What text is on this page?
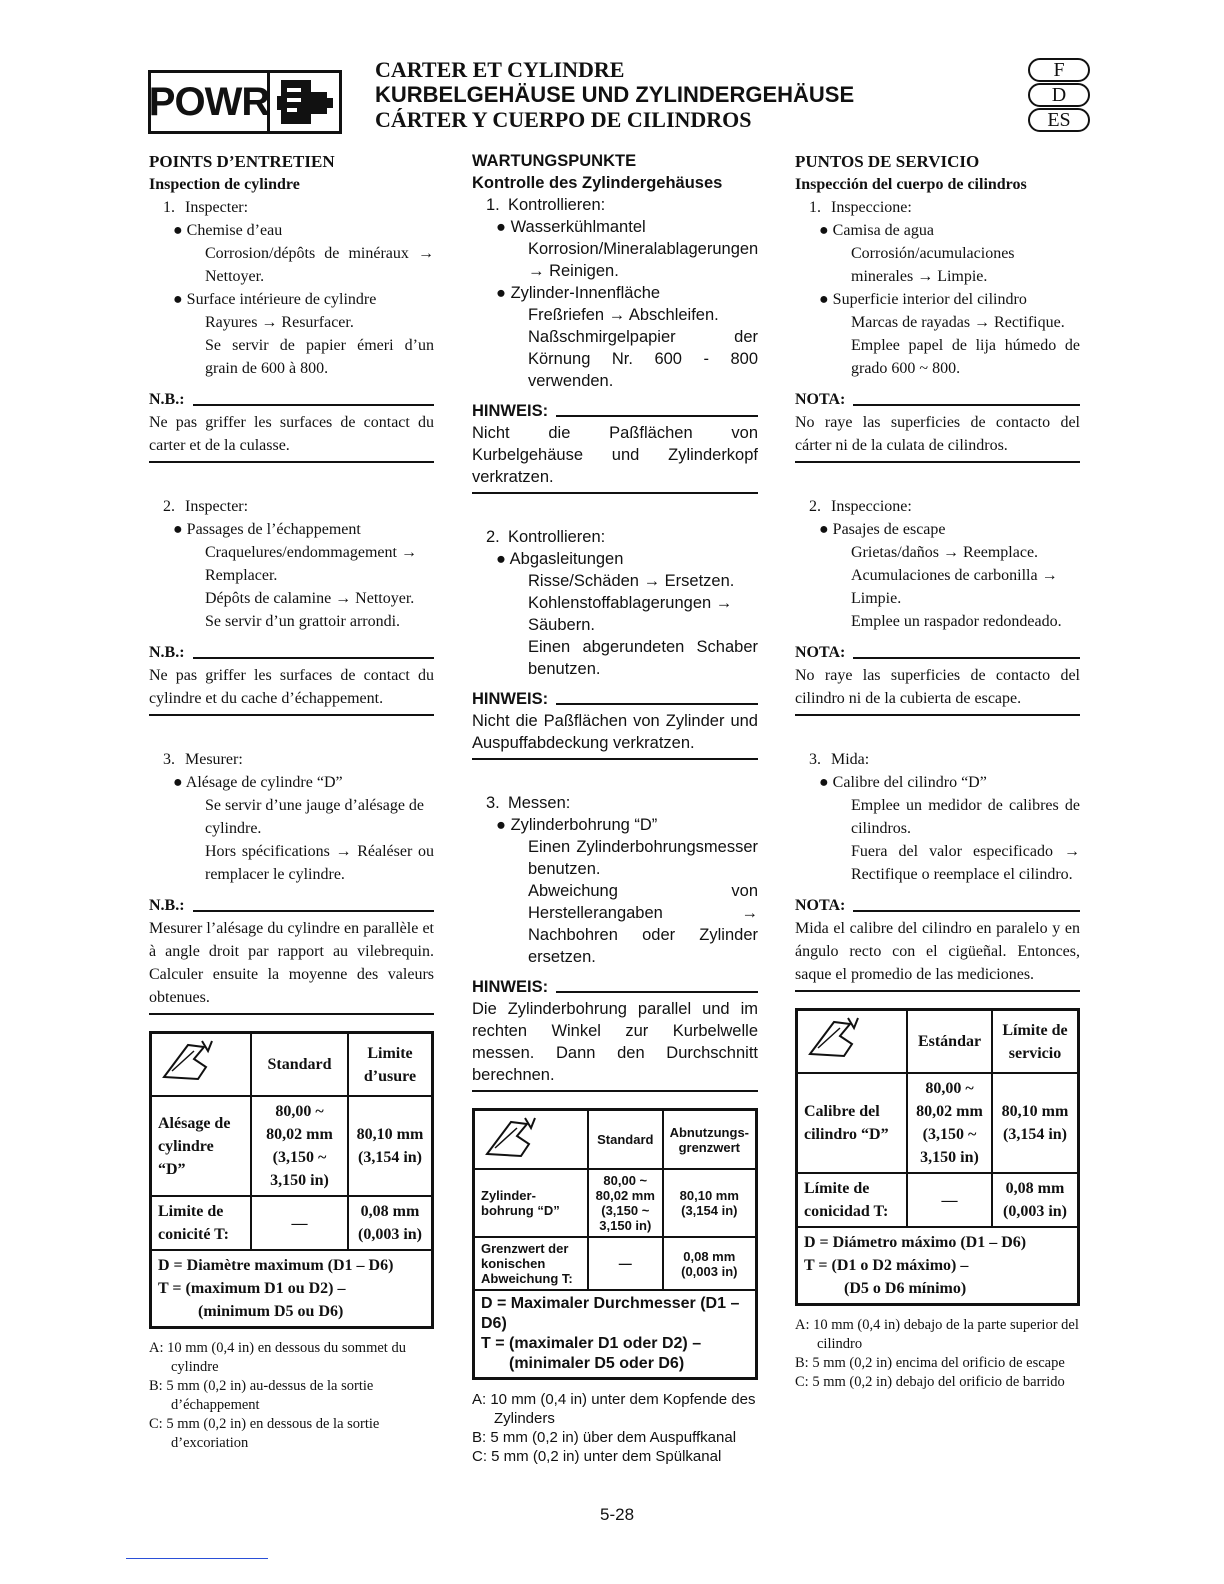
POWR
CARTER ET CYLINDRE
KURBELGEHÄUSE UND ZYLINDERGEHÄUSE
CÁRTER Y CUERPO DE CILINDROS
F
D
ES

POINTS D’ENTRETIEN

Inspection de cylindre

1. Inspecter:

● Chemise d’eau

Corrosion/dépôts de minéraux → Nettoyer.

● Surface intérieure de cylindre

Rayures → Resurfacer.

Se servir de papier émeri d’un grain de 600 à 800.

N.B.:

Ne pas griffer les surfaces de contact du carter et de la culasse.

2. Inspecter:

● Passages de l’échappement

Craquelures/endommagement → Remplacer.

Dépôts de calamine → Nettoyer.

Se servir d’un grattoir arrondi.

N.B.:

Ne pas griffer les surfaces de contact du cylindre et du cache d’échappement.

3. Mesurer:

● Alésage de cylindre “D”

Se servir d’une jauge d’alésage de cylindre.

Hors spécifications → Réaléser ou remplacer le cylindre.

N.B.:

Mesurer l’alésage du cylindre en parallèle et à angle droit par rapport au vilebrequin. Calculer ensuite la moyenne des valeurs obtenues.

	Standard	Limite d’usure
Alésage de cylindre “D”	80,00 ~ 80,02 mm (3,150 ~ 3,150 in)	80,10 mm (3,154 in)
Limite de conicité T:	—	0,08 mm (0,003 in)

D = Diamètre maximum (D1 – D6)
T = (maximum D1 ou D2) –
(minimum D5 ou D6)		
A: 10 mm (0,4 in) en dessous du sommet du cylindre
B: 5 mm (0,2 in) au-dessus de la sortie d’échappement
C: 5 mm (0,2 in) en dessous de la sortie d’excoriation

WARTUNGSPUNKTE

Kontrolle des Zylindergehäuses

1. Kontrollieren:

● Wasserkühlmantel

Korrosion/Mineralablagerungen → Reinigen.

● Zylinder-Innenfläche

Freßriefen → Abschleifen.

Naßschmirgelpapier der Körnung Nr. 600 - 800 verwenden.

HINWEIS:

Nicht die Paßflächen von Kurbelgehäuse und Zylinderkopf verkratzen.

2. Kontrollieren:

● Abgasleitungen

Risse/Schäden → Ersetzen.

Kohlenstoffablagerungen → Säubern.

Einen abgerundeten Schaber benutzen.

HINWEIS:

Nicht die Paßflächen von Zylinder und Auspuffabdeckung verkratzen.

3. Messen:

● Zylinderbohrung “D”

Einen Zylinderbohrungsmesser benutzen.

Abweichung von Herstellerangaben → Nachbohren oder Zylinder ersetzen.

HINWEIS:

Die Zylinderbohrung parallel und im rechten Winkel zur Kurbelwelle messen. Dann den Durchschnitt berechnen.

	Standard	Abnutzungs-grenzwert
Zylinder-bohrung “D”	80,00 ~ 80,02 mm (3,150 ~ 3,150 in)	80,10 mm (3,154 in)
Grenzwert der konischen Abweichung T:	—	0,08 mm (0,003 in)

D = Maximaler Durchmesser (D1 – D6)
T = (maximaler D1 oder D2) –
(minimaler D5 oder D6)		
A: 10 mm (0,4 in) unter dem Kopfende des Zylinders
B: 5 mm (0,2 in) über dem Auspuffkanal
C: 5 mm (0,2 in) unter dem Spülkanal

PUNTOS DE SERVICIO

Inspección del cuerpo de cilindros

1. Inspeccione:

● Camisa de agua

Corrosión/acumulaciones minerales → Limpie.

● Superficie interior del cilindro

Marcas de rayadas → Rectifique.

Emplee papel de lija húmedo de grado 600 ~ 800.

NOTA:

No raye las superficies de contacto del cárter ni de la culata de cilindros.

2. Inspeccione:

● Pasajes de escape

Grietas/daños → Reemplace.

Acumulaciones de carbonilla → Limpie.

Emplee un raspador redondeado.

NOTA:

No raye las superficies de contacto del cilindro ni de la cubierta de escape.

3. Mida:

● Calibre del cilindro “D”

Emplee un medidor de calibres de cilindros.

Fuera del valor especificado → Rectifique o reemplace el cilindro.

NOTA:

Mida el calibre del cilindro en paralelo y en ángulo recto con el cigüeñal. Entonces, saque el promedio de las mediciones.

	Estándar	Límite de servicio
Calibre del cilindro “D”	80,00 ~ 80,02 mm (3,150 ~ 3,150 in)	80,10 mm (3,154 in)
Límite de conicidad T:	—	0,08 mm (0,003 in)

D = Diámetro máximo (D1 – D6)
T = (D1 o D2 máximo) –
(D5 o D6 mínimo)		
A: 10 mm (0,4 in) debajo de la parte superior del cilindro
B: 5 mm (0,2 in) encima del orificio de escape
C: 5 mm (0,2 in) debajo del orificio de barrido
5-28
